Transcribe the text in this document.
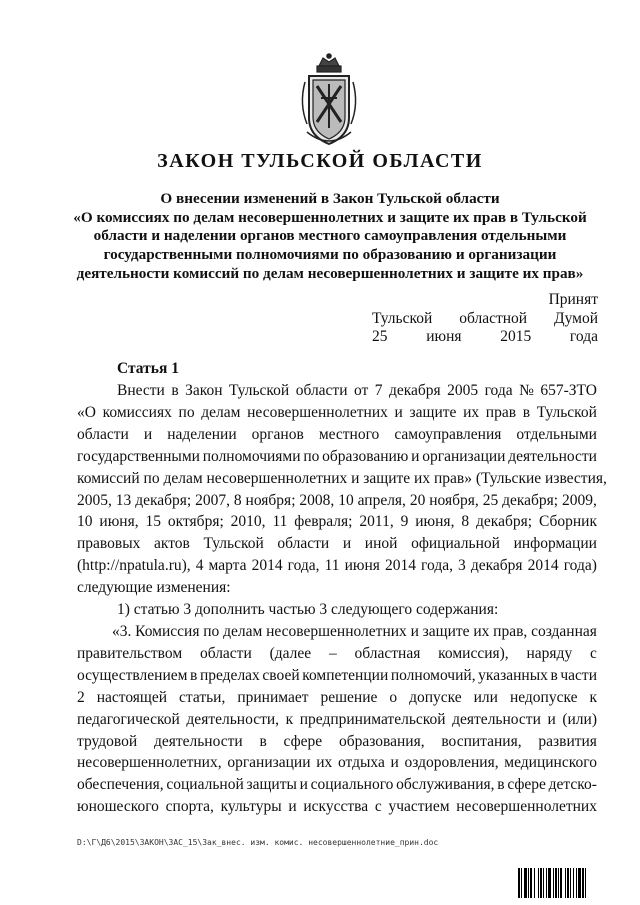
ЗАКОН ТУЛЬСКОЙ ОБЛАСТИ
О внесении изменений в Закон Тульской области
«О комиссиях по делам несовершеннолетних и защите их прав в Тульской
области и наделении органов местного самоуправления отдельными
государственными полномочиями по образованию и организации
деятельности комиссий по делам несовершеннолетних и защите их прав»
Принят
Тульской областной Думой
25 июня 2015 года
Статья 1
Внести в Закон Тульской области от 7 декабря 2005 года № 657-ЗТО
«О комиссиях по делам несовершеннолетних и защите их прав в Тульской
области и наделении органов местного самоуправления отдельными
государственными полномочиями по образованию и организации деятельности
комиссий по делам несовершеннолетних и защите их прав» (Тульские известия,
2005, 13 декабря; 2007, 8 ноября; 2008, 10 апреля, 20 ноября, 25 декабря; 2009,
10 июня, 15 октября; 2010, 11 февраля; 2011, 9 июня, 8 декабря; Сборник
правовых актов Тульской области и иной официальной информации
(http://npatula.ru), 4 марта 2014 года, 11 июня 2014 года, 3 декабря 2014 года)
следующие изменения:
1) статью 3 дополнить частью 3 следующего содержания:
«3. Комиссия по делам несовершеннолетних и защите их прав, созданная
правительством области (далее – областная комиссия), наряду с
осуществлением в пределах своей компетенции полномочий, указанных в части
2 настоящей статьи, принимает решение о допуске или недопуске к
педагогической деятельности, к предпринимательской деятельности и (или)
трудовой деятельности в сфере образования, воспитания, развития
несовершеннолетних, организации их отдыха и оздоровления, медицинского
обеспечения, социальной защиты и социального обслуживания, в сфере детско-
юношеского спорта, культуры и искусства с участием несовершеннолетних
D:\Г\Д6\2015\ЗАКОН\ЗАС_15\Зак_внес. изм. комис. несовершеннолетние_прин.doc
